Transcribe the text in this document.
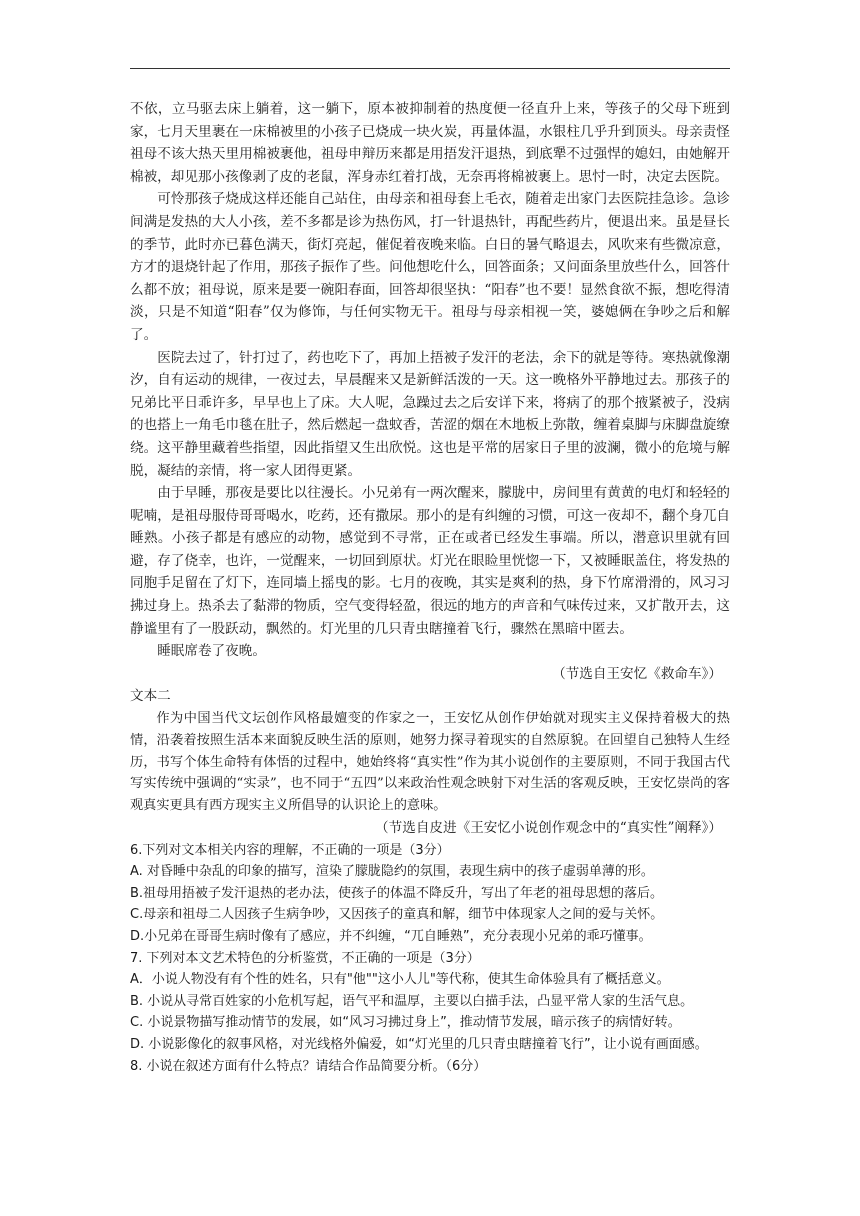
不依，立马驱去床上躺着，这一躺下，原本被抑制着的热度便一径直升上来，等孩子的父母下班到家，七月天里裹在一床棉被里的小孩子已烧成一块火炭，再量体温，水银柱几乎升到顶头。母亲责怪祖母不该大热天里用棉被裹他，祖母申辩历来都是用捂发汗退热，到底犟不过强悍的媳妇，由她解开棉被，却见那小孩像剥了皮的老鼠，浑身赤红着打战，无奈再将棉被裹上。思忖一时，决定去医院。

可怜那孩子烧成这样还能自己站住，由母亲和祖母套上毛衣，随着走出家门去医院挂急诊。急诊间满是发热的大人小孩，差不多都是诊为热伤风，打一针退热针，再配些药片，便退出来。虽是昼长的季节，此时亦已暮色满天，街灯亮起，催促着夜晚来临。白日的暑气略退去，风吹来有些微凉意，方才的退烧针起了作用，那孩子振作了些。问他想吃什么，回答面条；又问面条里放些什么，回答什么都不放；祖母说，原来是要一碗阳春面，回答却很坚执：“阳春”也不要！显然食欲不振，想吃得清淡，只是不知道“阳春”仅为修饰，与任何实物无干。祖母与母亲相视一笑，婆媳俩在争吵之后和解了。

医院去过了，针打过了，药也吃下了，再加上捂被子发汗的老法，余下的就是等待。寒热就像潮汐，自有运动的规律，一夜过去，早晨醒来又是新鲜活泼的一天。这一晚格外平静地过去。那孩子的兄弟比平日乖许多，早早也上了床。大人呢，急躁过去之后安详下来，将病了的那个掖紧被子，没病的也搭上一角毛巾毯在肚子，然后燃起一盘蚊香，苦涩的烟在木地板上弥散，缠着桌脚与床脚盘旋缭绕。这平静里藏着些指望，因此指望又生出欣悦。这也是平常的居家日子里的波澜，微小的危境与解脱，凝结的亲情，将一家人团得更紧。

由于早睡，那夜是要比以往漫长。小兄弟有一两次醒来，朦胧中，房间里有黄黄的电灯和轻轻的呢喃，是祖母服侍哥哥喝水，吃药，还有撒尿。那小的是有纠缠的习惯，可这一夜却不，翻个身兀自睡熟。小孩子都是有感应的动物，感觉到不寻常，正在或者已经发生事端。所以，潜意识里就有回避，存了侥幸，也许，一觉醒来，一切回到原状。灯光在眼睑里恍惚一下，又被睡眠盖住，将发热的同胞手足留在了灯下，连同墙上摇曳的影。七月的夜晚，其实是爽利的热，身下竹席滑滑的，风习习拂过身上。热杀去了黏滞的物质，空气变得轻盈，很远的地方的声音和气味传过来，又扩散开去，这静谧里有了一股跃动，飘然的。灯光里的几只青虫瞎撞着飞行，骤然在黑暗中匿去。

睡眠席卷了夜晚。

（节选自王安忆《救命车》）

文本二

作为中国当代文坛创作风格最嬗变的作家之一，王安忆从创作伊始就对现实主义保持着极大的热情，沿袭着按照生活本来面貌反映生活的原则，她努力探寻着现实的自然原貌。在回望自己独特人生经历，书写个体生命特有体悟的过程中，她始终将“真实性”作为其小说创作的主要原则，不同于我国古代写实传统中强调的“实录”，也不同于“五四”以来政治性观念映射下对生活的客观反映，王安忆崇尚的客观真实更具有西方现实主义所倡导的认识论上的意味。

（节选自皮进《王安忆小说创作观念中的“真实性”阐释》）

6.下列对文本相关内容的理解，不正确的一项是（3分）

A. 对昏睡中杂乱的印象的描写，渲染了朦胧隐约的氛围，表现生病中的孩子虚弱单薄的形。

B.祖母用捂被子发汗退热的老办法，使孩子的体温不降反升，写出了年老的祖母思想的落后。

C.母亲和祖母二人因孩子生病争吵，又因孩子的童真和解，细节中体现家人之间的爱与关怀。

D.小兄弟在哥哥生病时像有了感应，并不纠缠，“兀自睡熟”，充分表现小兄弟的乖巧懂事。

7. 下列对本文艺术特色的分析鉴赏，不正确的一项是（3分）

A．小说人物没有有个性的姓名，只有"他""这小人儿"等代称，使其生命体验具有了概括意义。

B. 小说从寻常百姓家的小危机写起，语气平和温厚，主要以白描手法，凸显平常人家的生活气息。

C. 小说景物描写推动情节的发展，如“风习习拂过身上”，推动情节发展，暗示孩子的病情好转。

D. 小说影像化的叙事风格，对光线格外偏爱，如“灯光里的几只青虫瞎撞着飞行”，让小说有画面感。

8. 小说在叙述方面有什么特点？请结合作品简要分析。（6分）
